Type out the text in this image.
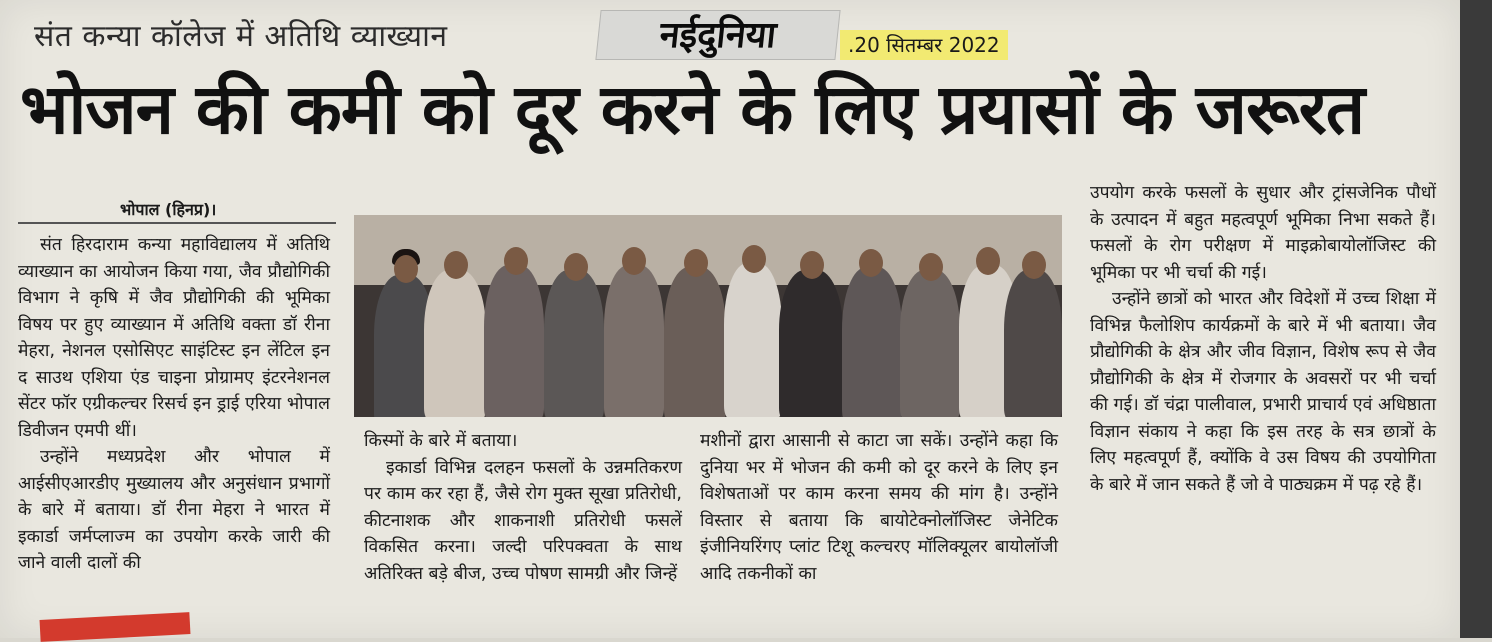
संत कन्या कॉलेज में अतिथि व्याख्यान	नईदुनिया	.20 सितम्बर 2022
भोजन की कमी को दूर करने के लिए प्रयासों के जरूरत
भोपाल (हिनप्र)।

संत हिरदाराम कन्या महाविद्यालय में अतिथि व्याख्यान का आयोजन किया गया, जैव प्रौद्योगिकी विभाग ने कृषि में जैव प्रौद्योगिकी की भूमिका विषय पर हुए व्याख्यान में अतिथि वक्ता डॉ रीना मेहरा, नेशनल एसोसिएट साइंटिस्ट इन लेंटिल इन द साउथ एशिया एंड चाइना प्रोग्रामए इंटरनेशनल सेंटर फॉर एग्रीकल्चर रिसर्च इन ड्राई एरिया भोपाल डिवीजन एमपी थीं।

उन्होंने मध्यप्रदेश और भोपाल में आईसीएआरडीए मुख्यालय और अनुसंधान प्रभागों के बारे में बताया। डॉ रीना मेहरा ने भारत में इकार्डा जर्मप्लाज्म का उपयोग करके जारी की जाने वाली दालों की

किस्मों के बारे में बताया।

इकार्डा विभिन्न दलहन फसलों के उन्नमतिकरण पर काम कर रहा हैं, जैसे रोग मुक्त सूखा प्रतिरोधी, कीटनाशक और शाकनाशी प्रतिरोधी फसलें विकसित करना। जल्दी परिपक्वता के साथ अतिरिक्त बड़े बीज, उच्च पोषण सामग्री और जिन्हें

मशीनों द्वारा आसानी से काटा जा सकें। उन्होंने कहा कि दुनिया भर में भोजन की कमी को दूर करने के लिए इन विशेषताओं पर काम करना समय की मांग है। उन्होंने विस्तार से बताया कि बायोटेक्नोलॉजिस्ट जेनेटिक इंजीनियरिंगए प्लांट टिशू कल्चरए मॉलिक्यूलर बायोलॉजी आदि तकनीकों का

उपयोग करके फसलों के सुधार और ट्रांसजेनिक पौधों के उत्पादन में बहुत महत्वपूर्ण भूमिका निभा सकते हैं। फसलों के रोग परीक्षण में माइक्रोबायोलॉजिस्ट की भूमिका पर भी चर्चा की गई।

उन्होंने छात्रों को भारत और विदेशों में उच्च शिक्षा में विभिन्न फैलोशिप कार्यक्रमों के बारे में भी बताया। जैव प्रौद्योगिकी के क्षेत्र और जीव विज्ञान, विशेष रूप से जैव प्रौद्योगिकी के क्षेत्र में रोजगार के अवसरों पर भी चर्चा की गई। डॉ चंद्रा पालीवाल, प्रभारी प्राचार्य एवं अधिष्ठाता विज्ञान संकाय ने कहा कि इस तरह के सत्र छात्रों के लिए महत्वपूर्ण हैं, क्योंकि वे उस विषय की उपयोगिता के बारे में जान सकते हैं जो वे पाठ्यक्रम में पढ़ रहे हैं।
